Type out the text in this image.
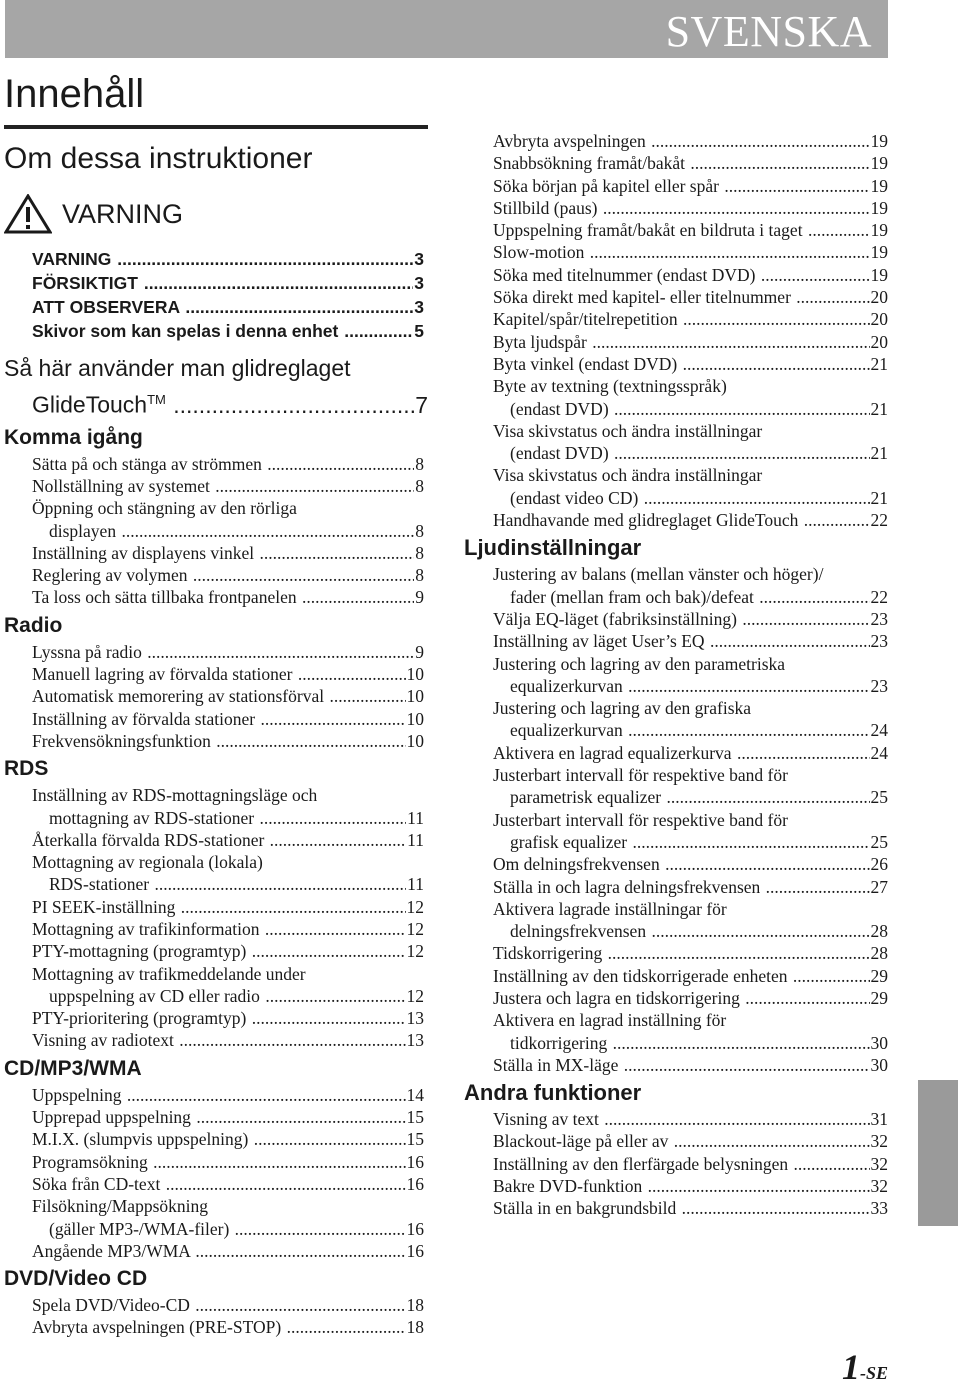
SVENSKA
Innehåll
Om dessa instruktioner
VARNING
VARNING .....	3
FÖRSIKTIGT .....	3
ATT OBSERVERA .....	3
Skivor som kan spelas i denna enhet .....	5
Så här använder man glidreglaget
GlideTouch™ .....	7
Komma igång
Sätta på och stänga av strömmen .....	8
Nollställning av systemet .....	8
Öppning och stängning av den rörliga
displayen .....	8
Inställning av displayens vinkel .....	8
Reglering av volymen .....	8
Ta loss och sätta tillbaka frontpanelen .....	9
Radio
Lyssna på radio .....	9
Manuell lagring av förvalda stationer .....	10
Automatisk memorering av stationsförval .....	10
Inställning av förvalda stationer .....	10
Frekvensökningsfunktion .....	10
RDS
Inställning av RDS-mottagningsläge och
mottagning av RDS-stationer .....	11
Återkalla förvalda RDS-stationer .....	11
Mottagning av regionala (lokala)
RDS-stationer .....	11
PI SEEK-inställning .....	12
Mottagning av trafikinformation .....	12
PTY-mottagning (programtyp) .....	12
Mottagning av trafikmeddelande under
uppspelning av CD eller radio .....	12
PTY-prioritering (programtyp) .....	13
Visning av radiotext .....	13
CD/MP3/WMA
Uppspelning .....	14
Upprepad uppspelning .....	15
M.I.X. (slumpvis uppspelning) .....	15
Programsökning .....	16
Söka från CD-text .....	16
Filsökning/Mappsökning
(gäller MP3-/WMA-filer) .....	16
Angående MP3/WMA .....	16
DVD/Video CD
Spela DVD/Video-CD .....	18
Avbryta avspelningen (PRE-STOP) .....	18
Avbryta avspelningen .....	19
Snabbsökning framåt/bakåt .....	19
Söka början på kapitel eller spår .....	19
Stillbild (paus) .....	19
Uppspelning framåt/bakåt en bildruta i taget .....	19
Slow-motion .....	19
Söka med titelnummer (endast DVD) .....	19
Söka direkt med kapitel- eller titelnummer .....	20
Kapitel/spår/titelrepetition .....	20
Byta ljudspår .....	20
Byta vinkel (endast DVD) .....	21
Byte av textning (textningsspråk)
(endast DVD) .....	21
Visa skivstatus och ändra inställningar
(endast DVD) .....	21
Visa skivstatus och ändra inställningar
(endast video CD) .....	21
Handhavande med glidreglaget GlideTouch .....	22
Ljudinställningar
Justering av balans (mellan vänster och höger)/
fader (mellan fram och bak)/defeat .....	22
Välja EQ-läget (fabriksinställning) .....	23
Inställning av läget User’s EQ .....	23
Justering och lagring av den parametriska
equalizerkurvan .....	23
Justering och lagring av den grafiska
equalizerkurvan .....	24
Aktivera en lagrad equalizerkurva .....	24
Justerbart intervall för respektive band för
parametrisk equalizer .....	25
Justerbart intervall för respektive band för
grafisk equalizer .....	25
Om delningsfrekvensen .....	26
Ställa in och lagra delningsfrekvensen .....	27
Aktivera lagrade inställningar för
delningsfrekvensen .....	28
Tidskorrigering .....	28
Inställning av den tidskorrigerade enheten .....	29
Justera och lagra en tidskorrigering .....	29
Aktivera en lagrad inställning för
tidkorrigering .....	30
Ställa in MX-läge .....	30
Andra funktioner
Visning av text .....	31
Blackout-läge på eller av .....	32
Inställning av den flerfärgade belysningen .....	32
Bakre DVD-funktion .....	32
Ställa in en bakgrundsbild .....	33
1-SE
